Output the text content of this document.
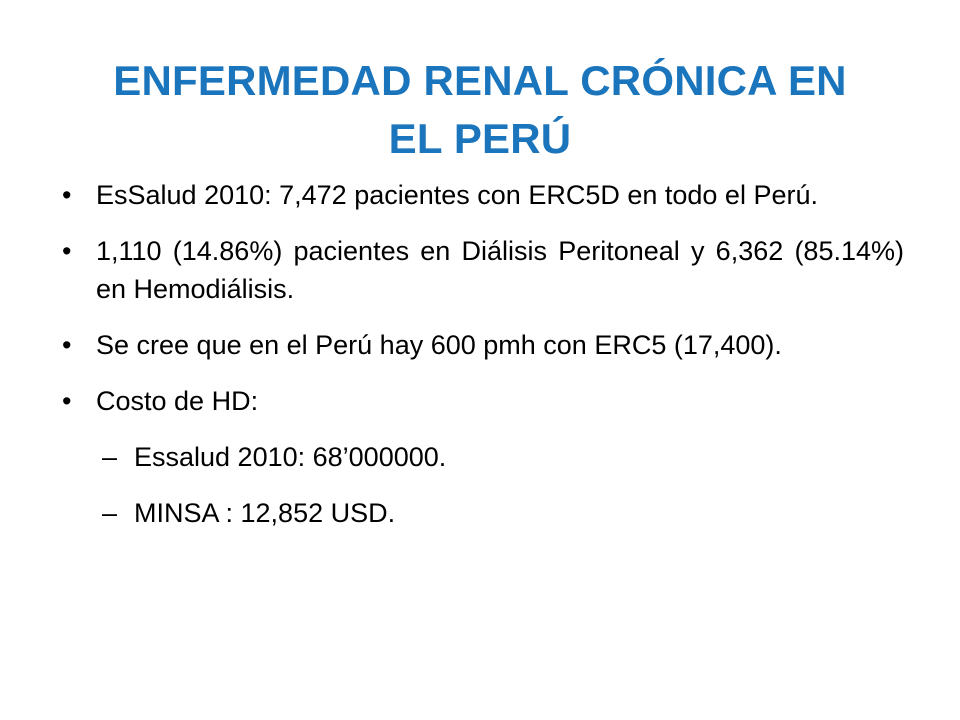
ENFERMEDAD RENAL CRÓNICA EN
EL PERÚ
• EsSalud 2010: 7,472 pacientes con ERC5D en todo el Perú.
• 1,110 (14.86%) pacientes en Diálisis Peritoneal y 6,362 (85.14%) en Hemodiálisis.
• Se cree que en el Perú hay 600 pmh con ERC5 (17,400).
• Costo de HD:
– Essalud 2010: 68’000000.
– MINSA : 12,852 USD.
